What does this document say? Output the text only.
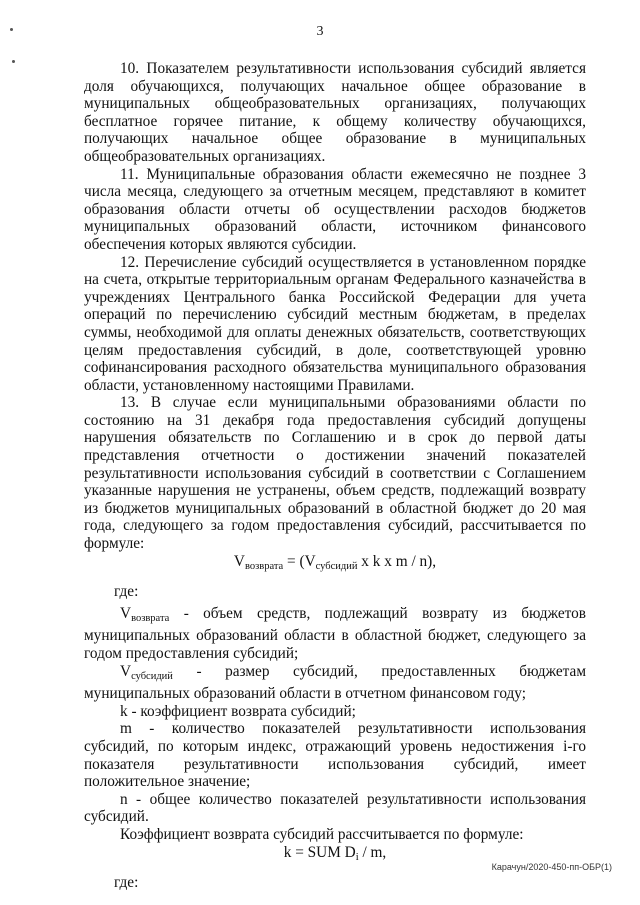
3

10. Показателем результативности использования субсидий является доля обучающихся, получающих начальное общее образование в муниципальных общеобразовательных организациях, получающих бесплатное горячее питание, к общему количеству обучающихся, получающих начальное общее образование в муниципальных общеобразовательных организациях.

11. Муниципальные образования области ежемесячно не позднее 3 числа месяца, следующего за отчетным месяцем, представляют в комитет образования области отчеты об осуществлении расходов бюджетов муниципальных образований области, источником финансового обеспечения которых являются субсидии.

12. Перечисление субсидий осуществляется в установленном порядке на счета, открытые территориальным органам Федерального казначейства в учреждениях Центрального банка Российской Федерации для учета операций по перечислению субсидий местным бюджетам, в пределах суммы, необходимой для оплаты денежных обязательств, соответствующих целям предоставления субсидий, в доле, соответствующей уровню софинансирования расходного обязательства муниципального образования области, установленному настоящими Правилами.

13. В случае если муниципальными образованиями области по состоянию на 31 декабря года предоставления субсидий допущены нарушения обязательств по Соглашению и в срок до первой даты представления отчетности о достижении значений показателей результативности использования субсидий в соответствии с Соглашением указанные нарушения не устранены, объем средств, подлежащий возврату из бюджетов муниципальных образований в областной бюджет до 20 мая года, следующего за годом предоставления субсидий, рассчитывается по формуле:

$V_{возврата} = (V_{субсидий}$ x k x m / n),

где:

$V_{возврата}$ - объем средств, подлежащий возврату из бюджетов муниципальных образований области в областной бюджет, следующего за годом предоставления субсидий;

$V_{субсидий}$ - размер субсидий, предоставленных бюджетам муниципальных образований области в отчетном финансовом году;

k - коэффициент возврата субсидий;

m - количество показателей результативности использования субсидий, по которым индекс, отражающий уровень недостижения i-го показателя результативности использования субсидий, имеет положительное значение;

n - общее количество показателей результативности использования субсидий.

Коэффициент возврата субсидий рассчитывается по формуле:

k = SUM $D_i$ / m,

где:

Карачун/2020-450-пп-ОБР(1)
